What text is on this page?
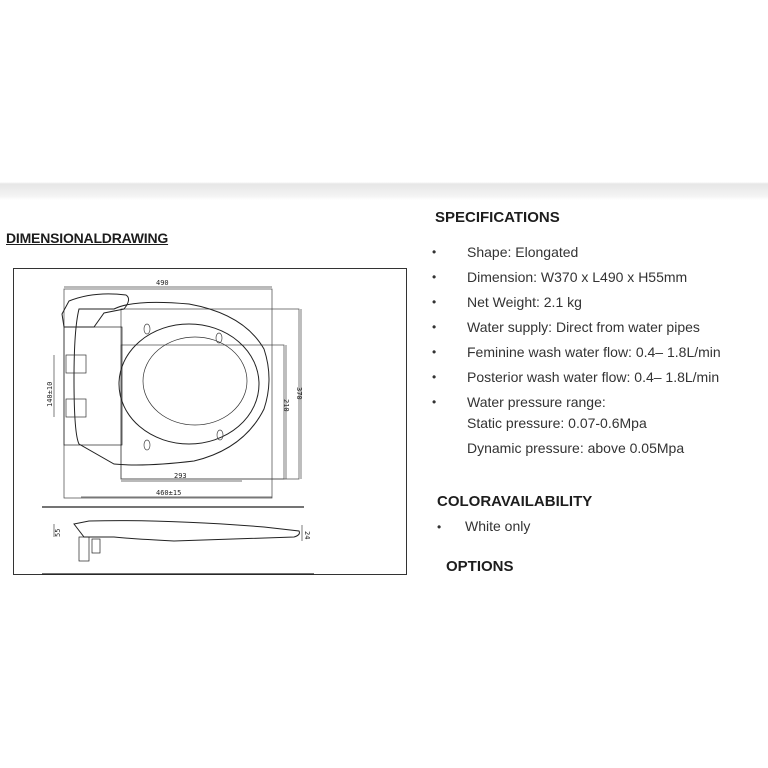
DIMENSIONALDRAWING
490
293
460±15
140±10	210
370
55	24
SPECIFICATIONS
• Shape: Elongated
• Dimension: W370 x L490 x H55mm
• Net Weight: 2.1 kg
• Water supply: Direct from water pipes
• Feminine wash water flow: 0.4– 1.8L/min
• Posterior wash water flow: 0.4– 1.8L/min
• Water pressure range:
Static pressure: 0.07-0.6Mpa
Dynamic pressure: above 0.05Mpa
COLORAVAILABILITY
• White only
OPTIONS
